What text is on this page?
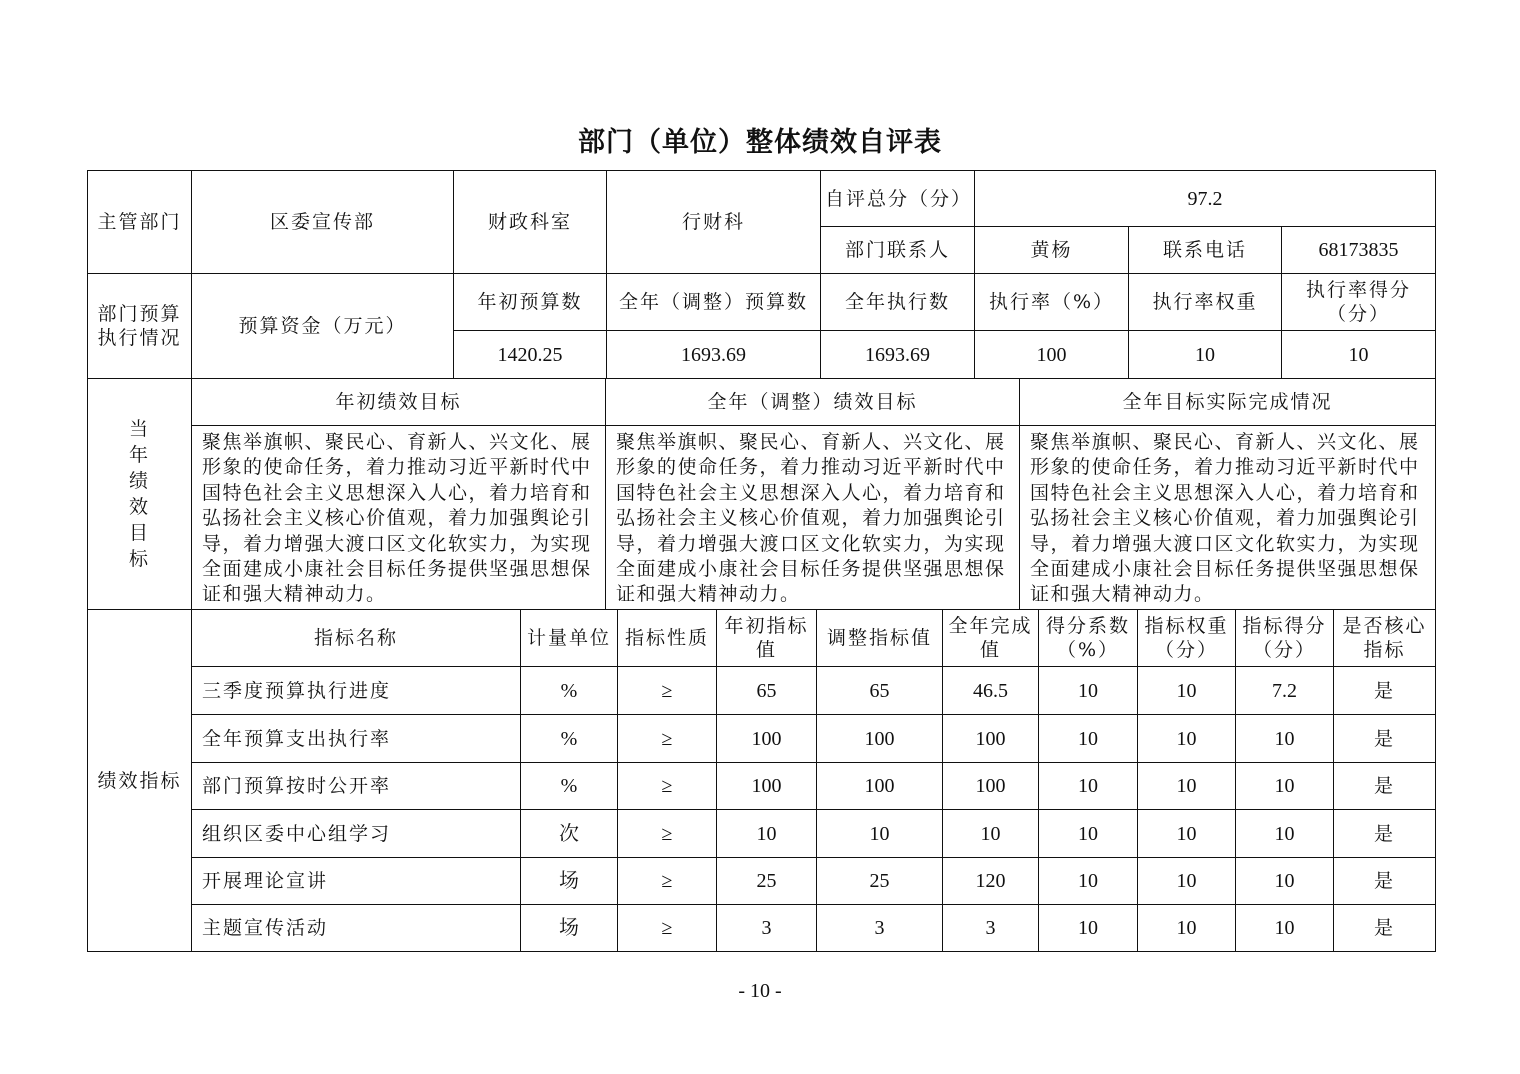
部门（单位）整体绩效自评表
主管部门	区委宣传部	财政科室	行财科	自评总分（分）	97.2		
				部门联系人	黄杨	联系电话	68173835
部门预算执行情况	预算资金（万元）	年初预算数	全年（调整）预算数	全年执行数	执行率（%）	执行率权重	执行率得分（分）
		1420.25	1693.69	1693.69	100	10	10
当年绩效目标	年初绩效目标	全年（调整）绩效目标	全年目标实际完成情况
	聚焦举旗帜、聚民心、育新人、兴文化、展形象的使命任务，着力推动习近平新时代中国特色社会主义思想深入人心，着力培育和弘扬社会主义核心价值观，着力加强舆论引导，着力增强大渡口区文化软实力，为实现全面建成小康社会目标任务提供坚强思想保证和强大精神动力。	聚焦举旗帜、聚民心、育新人、兴文化、展形象的使命任务，着力推动习近平新时代中国特色社会主义思想深入人心，着力培育和弘扬社会主义核心价值观，着力加强舆论引导，着力增强大渡口区文化软实力，为实现全面建成小康社会目标任务提供坚强思想保证和强大精神动力。	聚焦举旗帜、聚民心、育新人、兴文化、展形象的使命任务，着力推动习近平新时代中国特色社会主义思想深入人心，着力培育和弘扬社会主义核心价值观，着力加强舆论引导，着力增强大渡口区文化软实力，为实现全面建成小康社会目标任务提供坚强思想保证和强大精神动力。
绩效指标	指标名称	计量单位	指标性质	年初指标值	调整指标值	全年完成值	得分系数（%）	指标权重（分）	指标得分（分）	是否核心指标
	三季度预算执行进度	%	≥	65	65	46.5	10	10	7.2	是
	全年预算支出执行率	%	≥	100	100	100	10	10	10	是
	部门预算按时公开率	%	≥	100	100	100	10	10	10	是
	组织区委中心组学习	次	≥	10	10	10	10	10	10	是
	开展理论宣讲	场	≥	25	25	120	10	10	10	是
	主题宣传活动	场	≥	3	3	3	10	10	10	是
- 10 -
